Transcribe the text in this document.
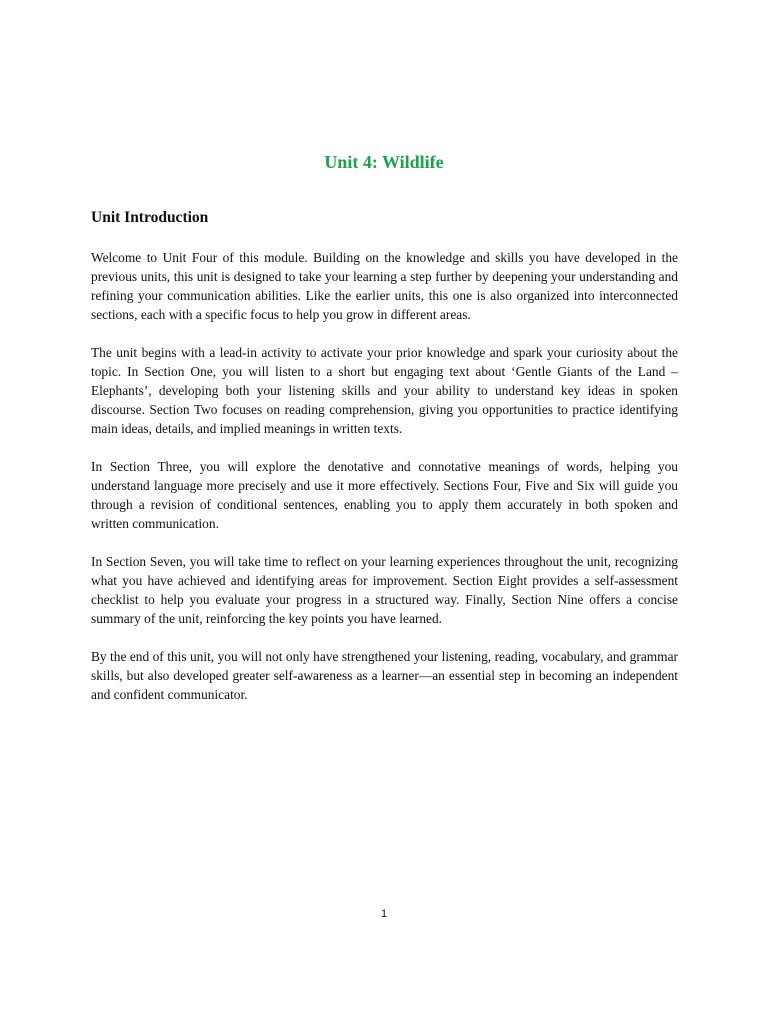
Unit 4: Wildlife
Unit Introduction

Welcome to Unit Four of this module. Building on the knowledge and skills you have developed in the previous units, this unit is designed to take your learning a step further by deepening your understanding and refining your communication abilities. Like the earlier units, this one is also organized into interconnected sections, each with a specific focus to help you grow in different areas.

The unit begins with a lead-in activity to activate your prior knowledge and spark your curiosity about the topic. In Section One, you will listen to a short but engaging text about ‘Gentle Giants of the Land – Elephants’, developing both your listening skills and your ability to understand key ideas in spoken discourse. Section Two focuses on reading comprehension, giving you opportunities to practice identifying main ideas, details, and implied meanings in written texts.

In Section Three, you will explore the denotative and connotative meanings of words, helping you understand language more precisely and use it more effectively. Sections Four, Five and Six will guide you through a revision of conditional sentences, enabling you to apply them accurately in both spoken and written communication.

In Section Seven, you will take time to reflect on your learning experiences throughout the unit, recognizing what you have achieved and identifying areas for improvement. Section Eight provides a self-assessment checklist to help you evaluate your progress in a structured way. Finally, Section Nine offers a concise summary of the unit, reinforcing the key points you have learned.

By the end of this unit, you will not only have strengthened your listening, reading, vocabulary, and grammar skills, but also developed greater self-awareness as a learner—an essential step in becoming an independent and confident communicator.

1
